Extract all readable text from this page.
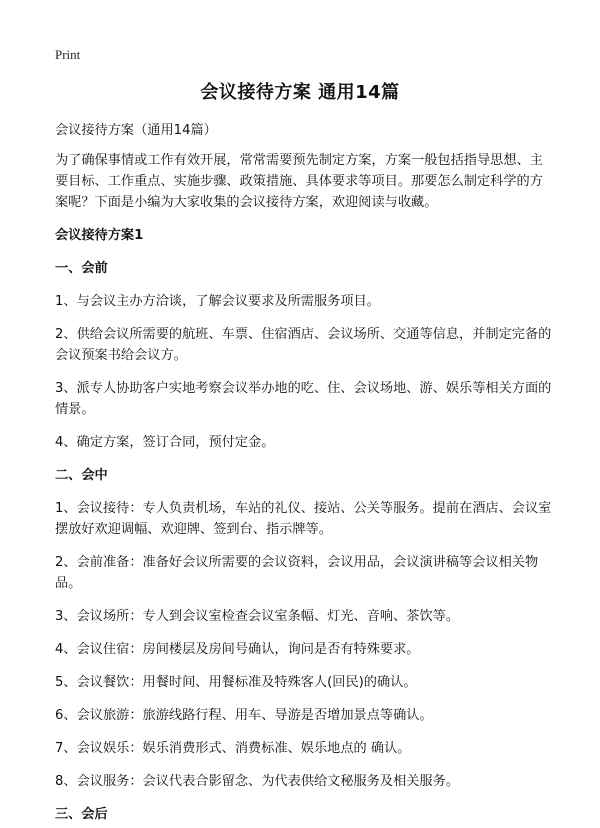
Print
会议接待方案 通用14篇

会议接待方案（通用14篇）

为了确保事情或工作有效开展，常常需要预先制定方案，方案一般包括指导思想、主要目标、工作重点、实施步骤、政策措施、具体要求等项目。那要怎么制定科学的方案呢？下面是小编为大家收集的会议接待方案，欢迎阅读与收藏。

会议接待方案1

一、会前

1、与会议主办方洽谈，了解会议要求及所需服务项目。

2、供给会议所需要的航班、车票、住宿酒店、会议场所、交通等信息，并制定完备的会议预案书给会议方。

3、派专人协助客户实地考察会议举办地的吃、住、会议场地、游、娱乐等相关方面的情景。

4、确定方案，签订合同，预付定金。

二、会中

1、会议接待：专人负责机场，车站的礼仪、接站、公关等服务。提前在酒店、会议室摆放好欢迎调幅、欢迎牌、签到台、指示牌等。

2、会前准备：准备好会议所需要的会议资料，会议用品，会议演讲稿等会议相关物品。

3、会议场所：专人到会议室检查会议室条幅、灯光、音响、茶饮等。

4、会议住宿：房间楼层及房间号确认，询问是否有特殊要求。

5、会议餐饮：用餐时间、用餐标准及特殊客人(回民)的确认。

6、会议旅游：旅游线路行程、用车、导游是否增加景点等确认。

7、会议娱乐：娱乐消费形式、消费标准、娱乐地点的 确认。

8、会议服务：会议代表合影留念、为代表供给文秘服务及相关服务。

三、会后
